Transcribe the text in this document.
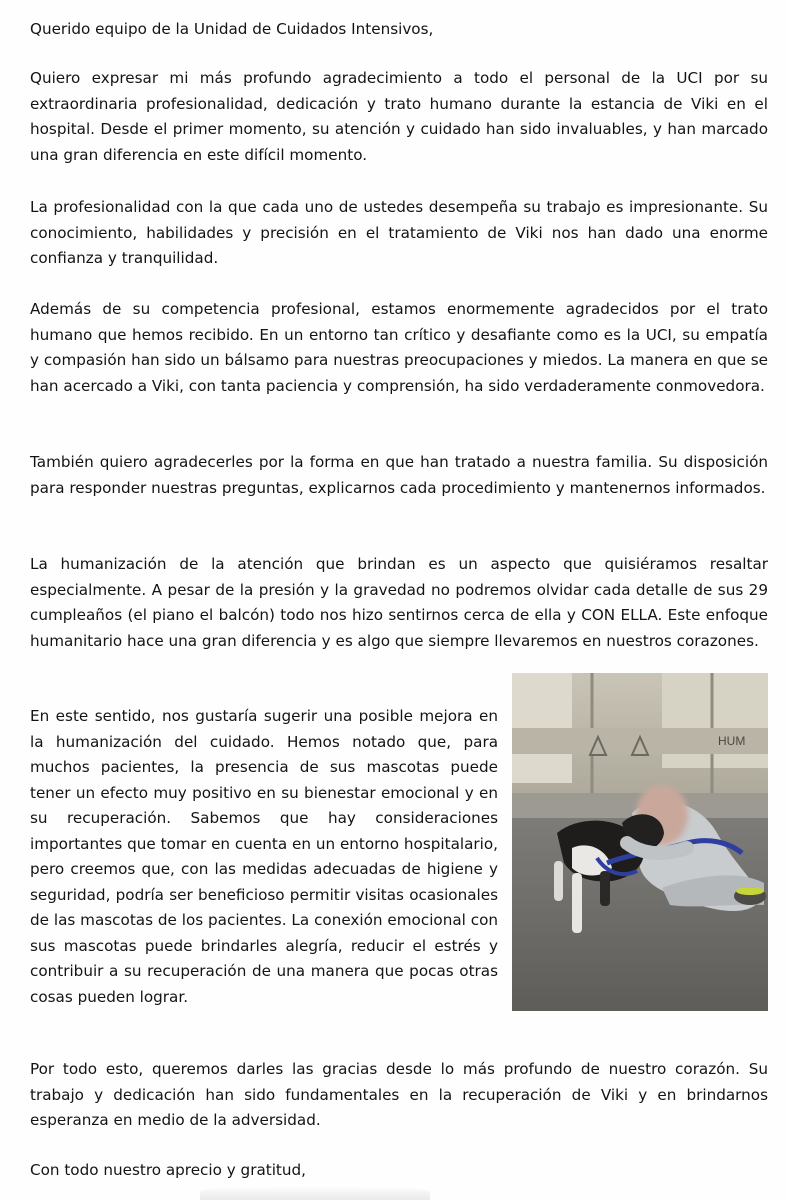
Querido equipo de la Unidad de Cuidados Intensivos,

Quiero expresar mi más profundo agradecimiento a todo el personal de la UCI por su extraordinaria profesionalidad, dedicación y trato humano durante la estancia de Viki en el hospital. Desde el primer momento, su atención y cuidado han sido invaluables, y han marcado una gran diferencia en este difícil momento.

La profesionalidad con la que cada uno de ustedes desempeña su trabajo es impresionante. Su conocimiento, habilidades y precisión en el tratamiento de Viki nos han dado una enorme confianza y tranquilidad.

Además de su competencia profesional, estamos enormemente agradecidos por el trato humano que hemos recibido. En un entorno tan crítico y desafiante como es la UCI, su empatía y compasión han sido un bálsamo para nuestras preocupaciones y miedos. La manera en que se han acercado a Viki, con tanta paciencia y comprensión, ha sido verdaderamente conmovedora.

También quiero agradecerles por la forma en que han tratado a nuestra familia. Su disposición para responder nuestras preguntas, explicarnos cada procedimiento y mantenernos informados.

La humanización de la atención que brindan es un aspecto que quisiéramos resaltar especialmente. A pesar de la presión y la gravedad no podremos olvidar cada detalle de sus 29 cumpleaños (el piano el balcón) todo nos hizo sentirnos cerca de ella y CON ELLA. Este enfoque humanitario hace una gran diferencia y es algo que siempre llevaremos en nuestros corazones.

En este sentido, nos gustaría sugerir una posible mejora en la humanización del cuidado. Hemos notado que, para muchos pacientes, la presencia de sus mascotas puede tener un efecto muy positivo en su bienestar emocional y en su recuperación. Sabemos que hay consideraciones importantes que tomar en cuenta en un entorno hospitalario, pero creemos que, con las medidas adecuadas de higiene y seguridad, podría ser beneficioso permitir visitas ocasionales de las mascotas de los pacientes. La conexión emocional con sus mascotas puede brindarles alegría, reducir el estrés y contribuir a su recuperación de una manera que pocas otras cosas pueden lograr.

HUM

Por todo esto, queremos darles las gracias desde lo más profundo de nuestro corazón. Su trabajo y dedicación han sido fundamentales en la recuperación de Viki y en brindarnos esperanza en medio de la adversidad.

Con todo nuestro aprecio y gratitud,
